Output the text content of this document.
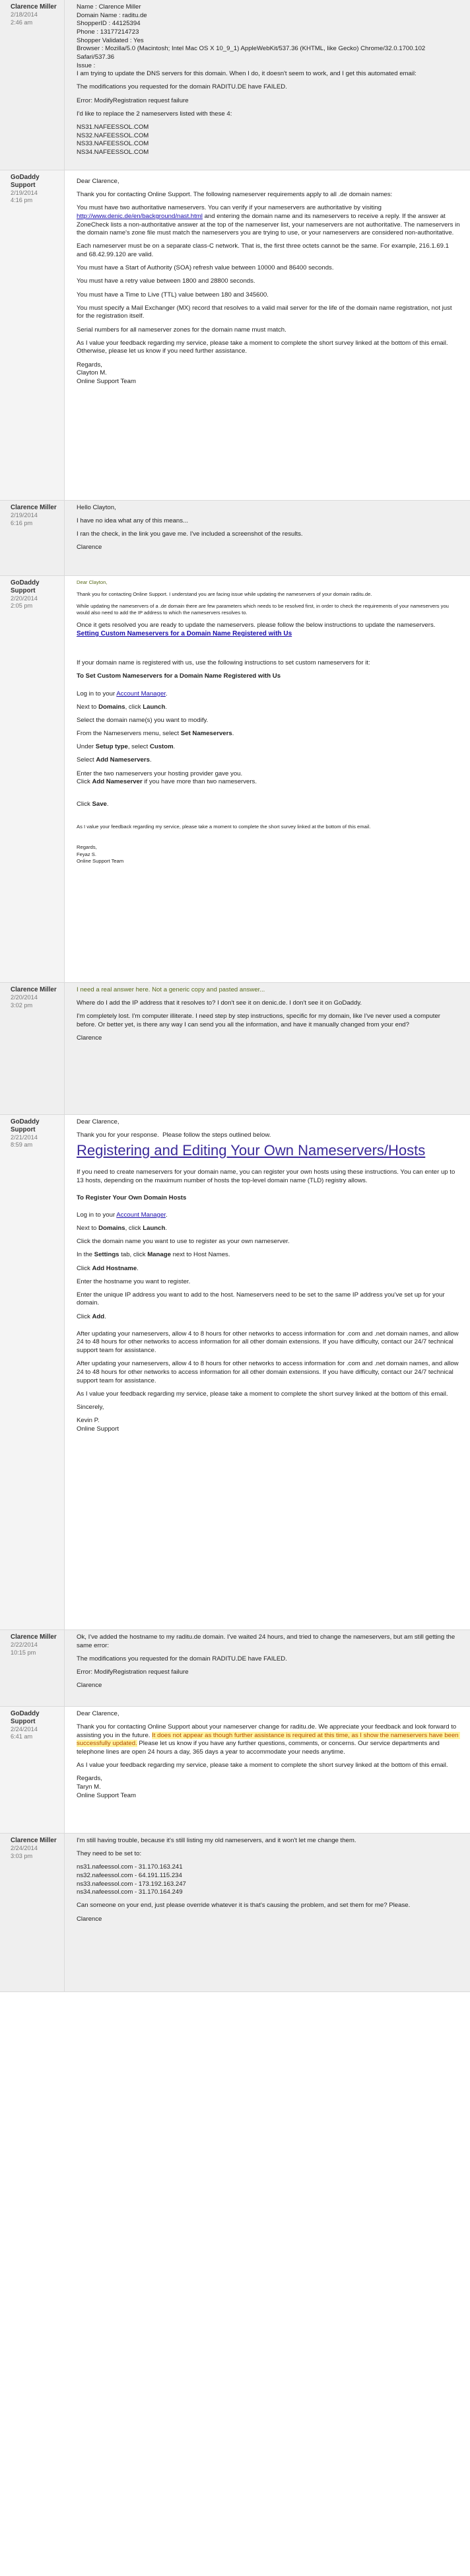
Clarence Miller
2/18/2014
2:46 am

Name : Clarence Miller

Domain Name : raditu.de

ShopperID : 44125394

Phone : 13177214723

Shopper Validated : Yes

Browser : Mozilla/5.0 (Macintosh; Intel Mac OS X 10_9_1) AppleWebKit/537.36 (KHTML, like Gecko) Chrome/32.0.1700.102 Safari/537.36

Issue :

I am trying to update the DNS servers for this domain. When I do, it doesn't seem to work, and I get this automated email:

The modifications you requested for the domain RADITU.DE have FAILED.

Error: ModifyRegistration request failure

I'd like to replace the 2 nameservers listed with these 4:

NS31.NAFEESSOL.COM

NS32.NAFEESSOL.COM

NS33.NAFEESSOL.COM

NS34.NAFEESSOL.COM

GoDaddy Support
2/19/2014
4:16 pm

Dear Clarence,

Thank you for contacting Online Support. The following nameserver requirements apply to all .de domain names:

You must have two authoritative nameservers. You can verify if your nameservers are authoritative by visiting http://www.denic.de/en/background/nast.html and entering the domain name and its nameservers to receive a reply. If the answer at ZoneCheck lists a non-authoritative answer at the top of the nameserver list, your nameservers are not authoritative. The nameservers in the domain name's zone file must match the nameservers you are trying to use, or your nameservers are considered non-authoritative.

Each nameserver must be on a separate class-C network. That is, the first three octets cannot be the same. For example, 216.1.69.1 and 68.42.99.120 are valid.

You must have a Start of Authority (SOA) refresh value between 10000 and 86400 seconds.

You must have a retry value between 1800 and 28800 seconds.

You must have a Time to Live (TTL) value between 180 and 345600.

You must specify a Mail Exchanger (MX) record that resolves to a valid mail server for the life of the domain name registration, not just for the registration itself.

Serial numbers for all nameserver zones for the domain name must match.

As I value your feedback regarding my service, please take a moment to complete the short survey linked at the bottom of this email. Otherwise, please let us know if you need further assistance.

Regards,

Clayton M.

Online Support Team

Clarence Miller
2/19/2014
6:16 pm

Hello Clayton,

I have no idea what any of this means...

I ran the check, in the link you gave me. I've included a screenshot of the results.

Clarence

GoDaddy Support
2/20/2014
2:05 pm

Dear Clayton,

Thank you for contacting Online Support. I understand you are facing issue while updating the nameservers of your domain raditu.de.

While updating the nameservers of a .de domain there are few parameters which needs to be resolved first, in order to check the requirements of your nameservers you would also need to add the IP address to which the nameservers resolves to.

Once it gets resolved you are ready to update the nameservers. please follow the below instructions to update the nameservers.

Setting Custom Nameservers for a Domain Name Registered with Us

If your domain name is registered with us, use the following instructions to set custom nameservers for it:

To Set Custom Nameservers for a Domain Name Registered with Us

Log in to your Account Manager.

Next to Domains, click Launch.

Select the domain name(s) you want to modify.

From the Nameservers menu, select Set Nameservers.

Under Setup type, select Custom.

Select Add Nameservers.

Enter the two nameservers your hosting provider gave you.

Click Add Nameserver if you have more than two nameservers.

Click Save.

As I value your feedback regarding my service, please take a moment to complete the short survey linked at the bottom of this email.

Regards,

Feyaz S.

Online Support Team

Clarence Miller
2/20/2014
3:02 pm

I need a real answer here. Not a generic copy and pasted answer...

Where do I add the IP address that it resolves to? I don't see it on denic.de. I don't see it on GoDaddy.

I'm completely lost. I'm computer illiterate. I need step by step instructions, specific for my domain, like I've never used a computer before. Or better yet, is there any way I can send you all the information, and have it manually changed from your end?

Clarence

GoDaddy Support
2/21/2014
8:59 am

Dear Clarence,

Thank you for your response.  Please follow the steps outlined below.

Registering and Editing Your Own Nameservers/Hosts

If you need to create nameservers for your domain name, you can register your own hosts using these instructions. You can enter up to 13 hosts, depending on the maximum number of hosts the top-level domain name (TLD) registry allows.

To Register Your Own Domain Hosts

Log in to your Account Manager.

Next to Domains, click Launch.

Click the domain name you want to use to register as your own nameserver.

In the Settings tab, click Manage next to Host Names.

Click Add Hostname.

Enter the hostname you want to register.

Enter the unique IP address you want to add to the host. Nameservers need to be set to the same IP address you've set up for your domain.

Click Add.

After updating your nameservers, allow 4 to 8 hours for other networks to access information for .com and .net domain names, and allow 24 to 48 hours for other networks to access information for all other domain extensions. If you have difficulty, contact our 24/7 technical support team for assistance.

After updating your nameservers, allow 4 to 8 hours for other networks to access information for .com and .net domain names, and allow 24 to 48 hours for other networks to access information for all other domain extensions. If you have difficulty, contact our 24/7 technical support team for assistance.

As I value your feedback regarding my service, please take a moment to complete the short survey linked at the bottom of this email.

Sincerely,

Kevin P.

Online Support

Clarence Miller
2/22/2014
10:15 pm

Ok, I've added the hostname to my raditu.de domain. I've waited 24 hours, and tried to change the nameservers, but am still getting the same error:

The modifications you requested for the domain RADITU.DE have FAILED.

Error: ModifyRegistration request failure

Clarence

GoDaddy Support
2/24/2014
6:41 am

Dear Clarence,

Thank you for contacting Online Support about your nameserver change for raditu.de. We appreciate your feedback and look forward to assisting you in the future. It does not appear as though further assistance is required at this time, as I show the nameservers have been successfully updated. Please let us know if you have any further questions, comments, or concerns. Our service departments and telephone lines are open 24 hours a day, 365 days a year to accommodate your needs anytime.

As I value your feedback regarding my service, please take a moment to complete the short survey linked at the bottom of this email.

Regards,

Taryn M.

Online Support Team

Clarence Miller
2/24/2014
3:03 pm

I'm still having trouble, because it's still listing my old nameservers, and it won't let me change them.

They need to be set to:

ns31.nafeessol.com - 31.170.163.241

ns32.nafeessol.com - 64.191.115.234

ns33.nafeessol.com - 173.192.163.247

ns34.nafeessol.com - 31.170.164.249

Can someone on your end, just please override whatever it is that's causing the problem, and set them for me? Please.

Clarence
